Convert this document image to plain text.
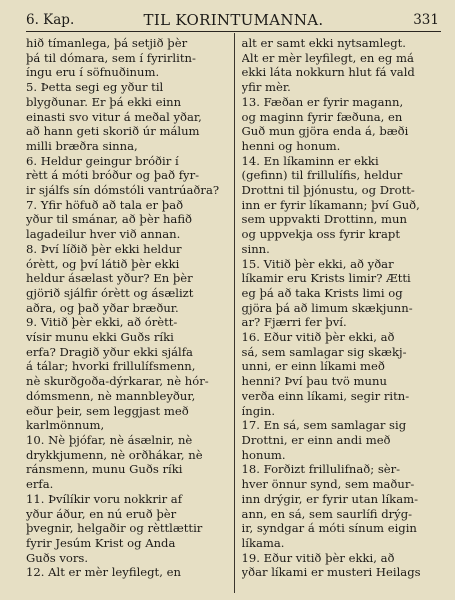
6. Kap.	TIL KORINTUMANNA.	331
hið tímanlega, þá setjið þèr
þá til dómara, sem í fyrirlitn-
íngu eru í söfnuðinum.
5. Þetta segi eg yður til
blygðunar. Er þá ekki einn
einasti svo vitur á meðal yðar,
að hann geti skorið úr málum
milli bræðra sinna,
6. Heldur geingur bróðir í
rètt á móti bróður og það fyr-
ir sjálfs sín dómstóli vantrúaðra?
7. Yfir höfuð að tala er það
yður til smánar, að þèr hafið
lagadeilur hver við annan.
8. Því líðið þèr ekki heldur
órètt, og því látið þèr ekki
heldur ásælast yður? En þèr
gjörið sjálfir órètt og ásælizt
aðra, og það yðar bræður.
9. Vitið þèr ekki, að órètt-
vísir munu ekki Guðs ríki
erfa? Dragið yður ekki sjálfa
á tálar; hvorki frillulífsmenn,
nè skurðgoða-dýrkarar, nè hór-
dómsmenn, nè mannbleyður,
eður þeir, sem leggjast með
karlmönnum,
10. Nè þjófar, nè ásælnir, nè
drykkjumenn, nè orðhákar, nè
ránsmenn, munu Guðs ríki
erfa.
11. Þvílíkir voru nokkrir af
yður áður, en nú eruð þèr
þvegnir, helgaðir og rèttlættir
fyrir Jesúm Krist og Anda
Guðs vors.
12. Alt er mèr leyfilegt, en
alt er samt ekki nytsamlegt.
Alt er mèr leyfilegt, en eg má
ekki láta nokkurn hlut fá vald
yfir mèr.
13. Fæðan er fyrir magann,
og maginn fyrir fæðuna, en
Guð mun gjöra enda á, bæði
henni og honum.
14. En líkaminn er ekki
(gefinn) til frillulífis, heldur
Drottni til þjónustu, og Drott-
inn er fyrir líkamann; því Guð,
sem uppvakti Drottinn, mun
og uppvekja oss fyrir krapt
sinn.
15. Vitið þèr ekki, að yðar
líkamir eru Krists limir? Ætti
eg þá að taka Krists limi og
gjöra þá að limum skækjunn-
ar? Fjærri fer því.
16. Eður vitið þèr ekki, að
sá, sem samlagar sig skækj-
unni, er einn líkami með
henni? Því þau tvö munu
verða einn líkami, segir ritn-
íngin.
17. En sá, sem samlagar sig
Drottni, er einn andi með
honum.
18. Forðizt frillulifnað; sèr-
hver önnur synd, sem maður-
inn drýgir, er fyrir utan líkam-
ann, en sá, sem saurlífi drýg-
ir, syndgar á móti sínum eigin
líkama.
19. Eður vitið þèr ekki, að
yðar líkami er musteri Heilags
